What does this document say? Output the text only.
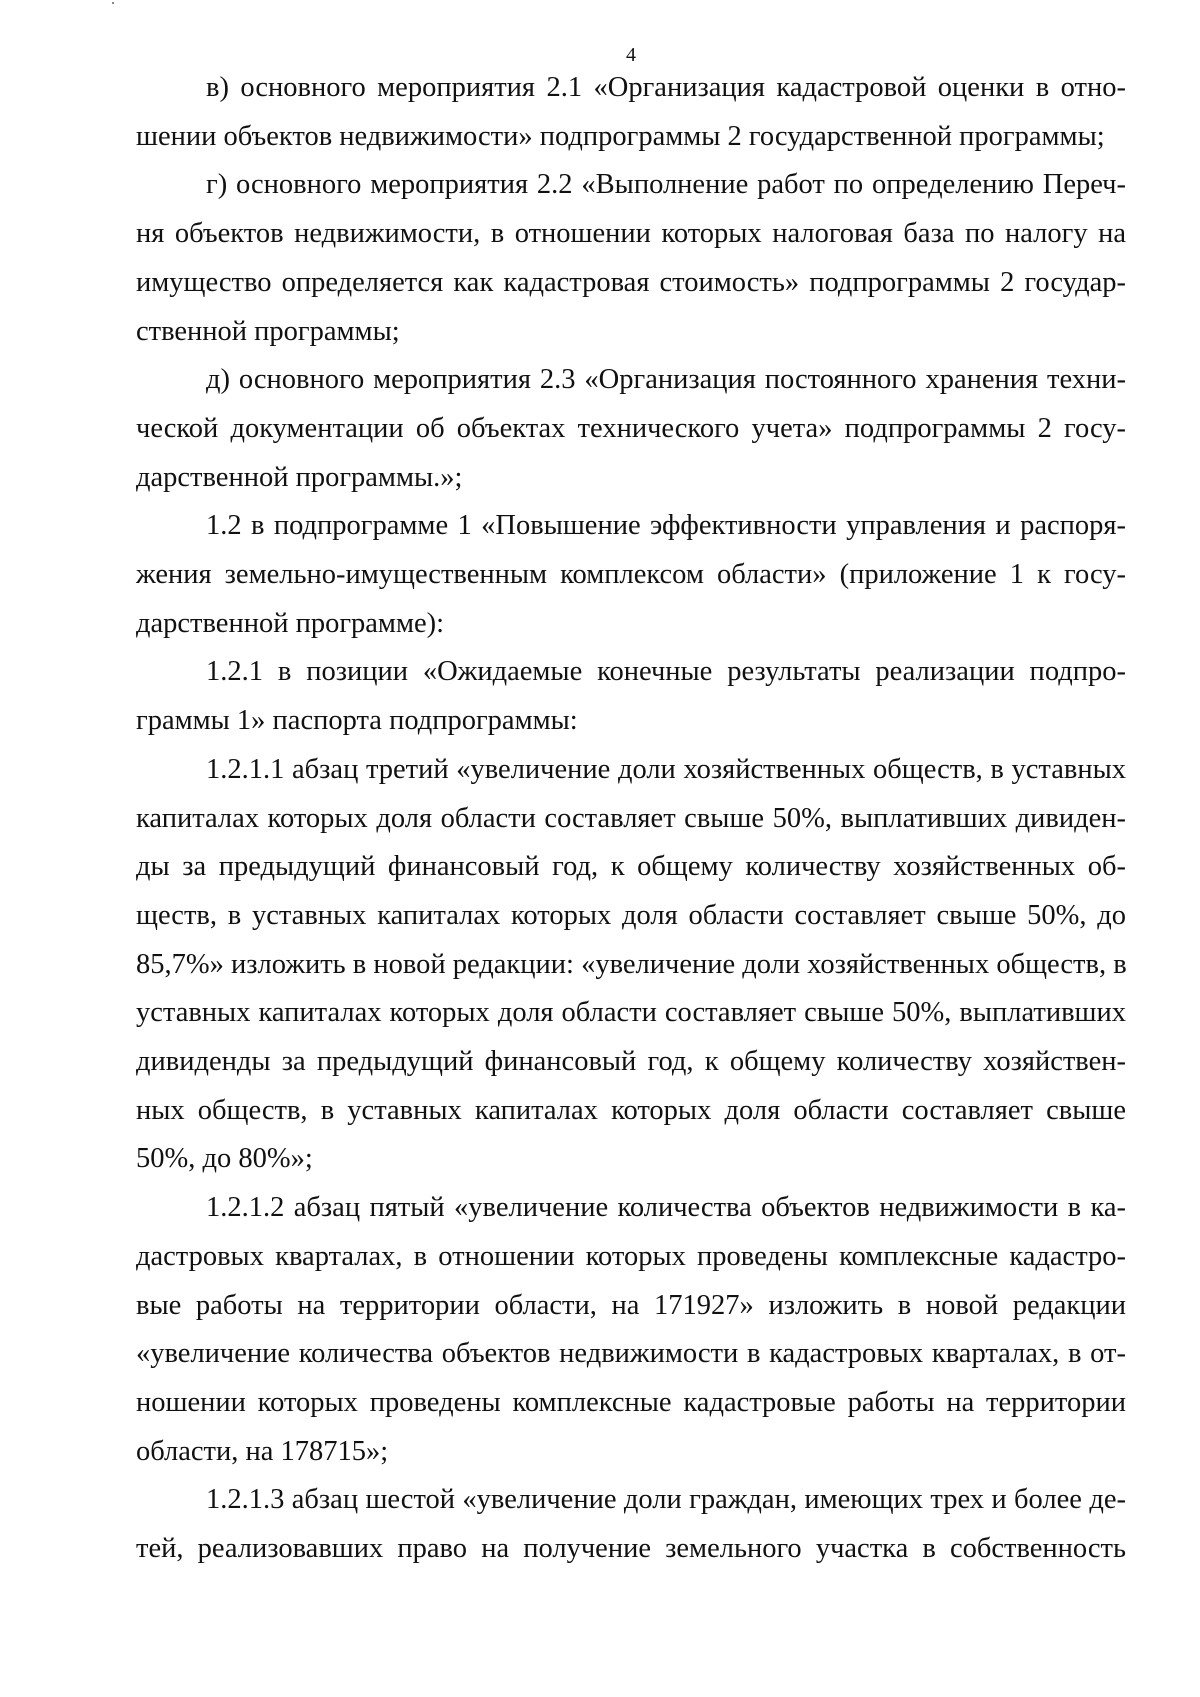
4
в) основного мероприятия 2.1 «Организация кадастровой оценки в отно-
шении объектов недвижимости» подпрограммы 2 государственной программы;
г) основного мероприятия 2.2 «Выполнение работ по определению Переч-
ня объектов недвижимости, в отношении которых налоговая база по налогу на
имущество определяется как кадастровая стоимость» подпрограммы 2 государ-
ственной программы;
д) основного мероприятия 2.3 «Организация постоянного хранения техни-
ческой документации об объектах технического учета» подпрограммы 2 госу-
дарственной программы.»;
1.2 в подпрограмме 1 «Повышение эффективности управления и распоря-
жения земельно-имущественным комплексом области» (приложение 1 к госу-
дарственной программе):
1.2.1 в позиции «Ожидаемые конечные результаты реализации подпро-
граммы 1» паспорта подпрограммы:
1.2.1.1 абзац третий «увеличение доли хозяйственных обществ, в уставных
капиталах которых доля области составляет свыше 50%, выплативших дивиден-
ды за предыдущий финансовый год, к общему количеству хозяйственных об-
ществ, в уставных капиталах которых доля области составляет свыше 50%, до
85,7%» изложить в новой редакции: «увеличение доли хозяйственных обществ, в
уставных капиталах которых доля области составляет свыше 50%, выплативших
дивиденды за предыдущий финансовый год, к общему количеству хозяйствен-
ных обществ, в уставных капиталах которых доля области составляет свыше
50%, до 80%»;
1.2.1.2 абзац пятый «увеличение количества объектов недвижимости в ка-
дастровых кварталах, в отношении которых проведены комплексные кадастро-
вые работы на территории области, на 171927» изложить в новой редакции
«увеличение количества объектов недвижимости в кадастровых кварталах, в от-
ношении которых проведены комплексные кадастровые работы на территории
области, на 178715»;
1.2.1.3 абзац шестой «увеличение доли граждан, имеющих трех и более де-
тей, реализовавших право на получение земельного участка в собственность
